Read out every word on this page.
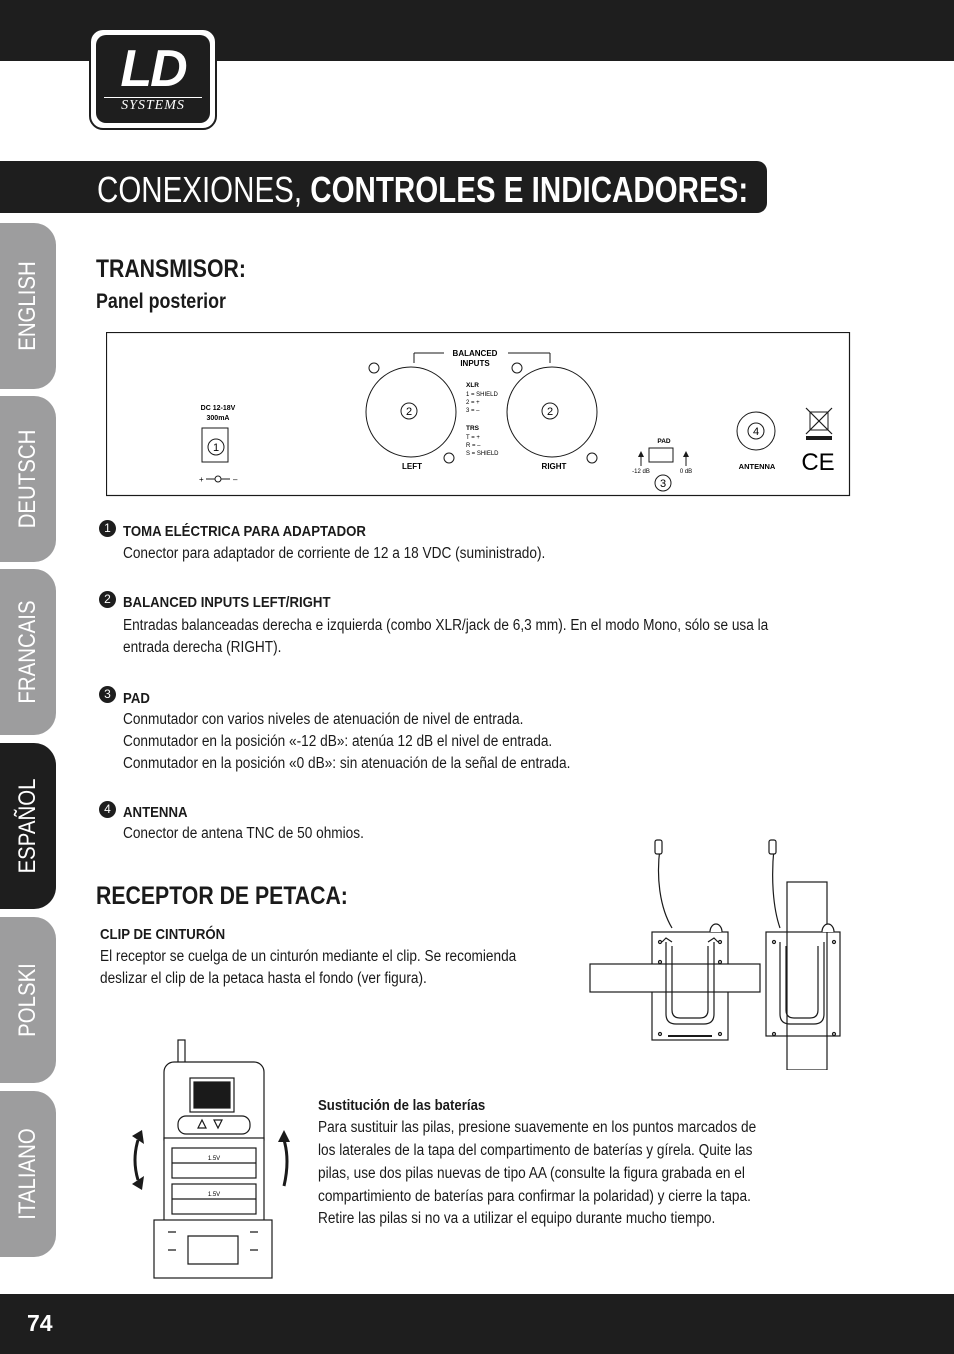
LD
SYSTEMS
CONEXIONES, CONTROLES E INDICADORES:
ENGLISH
DEUTSCH
FRANCAIS
ESPAÑOL
POLSKI
ITALIANO
TRANSMISOR:
Panel posterior
DC 12-18V
300mA
1
+	–
BALANCED
INPUTS
2
LEFT
2
RIGHT
XLR
1 = SHIELD
2 = +
3 = –
TRS
T = +
R = –
S = SHIELD
PAD
-12 dB	0 dB
3
4
ANTENNA CE
1 TOMA ELÉCTRICA PARA ADAPTADOR
Conector para adaptador de corriente de 12 a 18 VDC (suministrado).
2 BALANCED INPUTS LEFT/RIGHT
Entradas balanceadas derecha e izquierda (combo XLR/jack de 6,3 mm). En el modo Mono, sólo se usa la
entrada derecha (RIGHT).
3 PAD
Conmutador con varios niveles de atenuación de nivel de entrada.
Conmutador en la posición «-12 dB»: atenúa 12 dB el nivel de entrada.
Conmutador en la posición «0 dB»: sin atenuación de la señal de entrada.
4 ANTENNA
Conector de antena TNC de 50 ohmios.
RECEPTOR DE PETACA:
CLIP DE CINTURÓN
El receptor se cuelga de un cinturón mediante el clip. Se recomienda
deslizar el clip de la petaca hasta el fondo (ver figura).
1.5V
1.5V
Sustitución de las baterías
Para sustituir las pilas, presione suavemente en los puntos marcados de
los laterales de la tapa del compartimento de baterías y gírela. Quite las
pilas, use dos pilas nuevas de tipo AA (consulte la figura grabada en el
compartimiento de baterías para confirmar la polaridad) y cierre la tapa.
Retire las pilas si no va a utilizar el equipo durante mucho tiempo.
74
